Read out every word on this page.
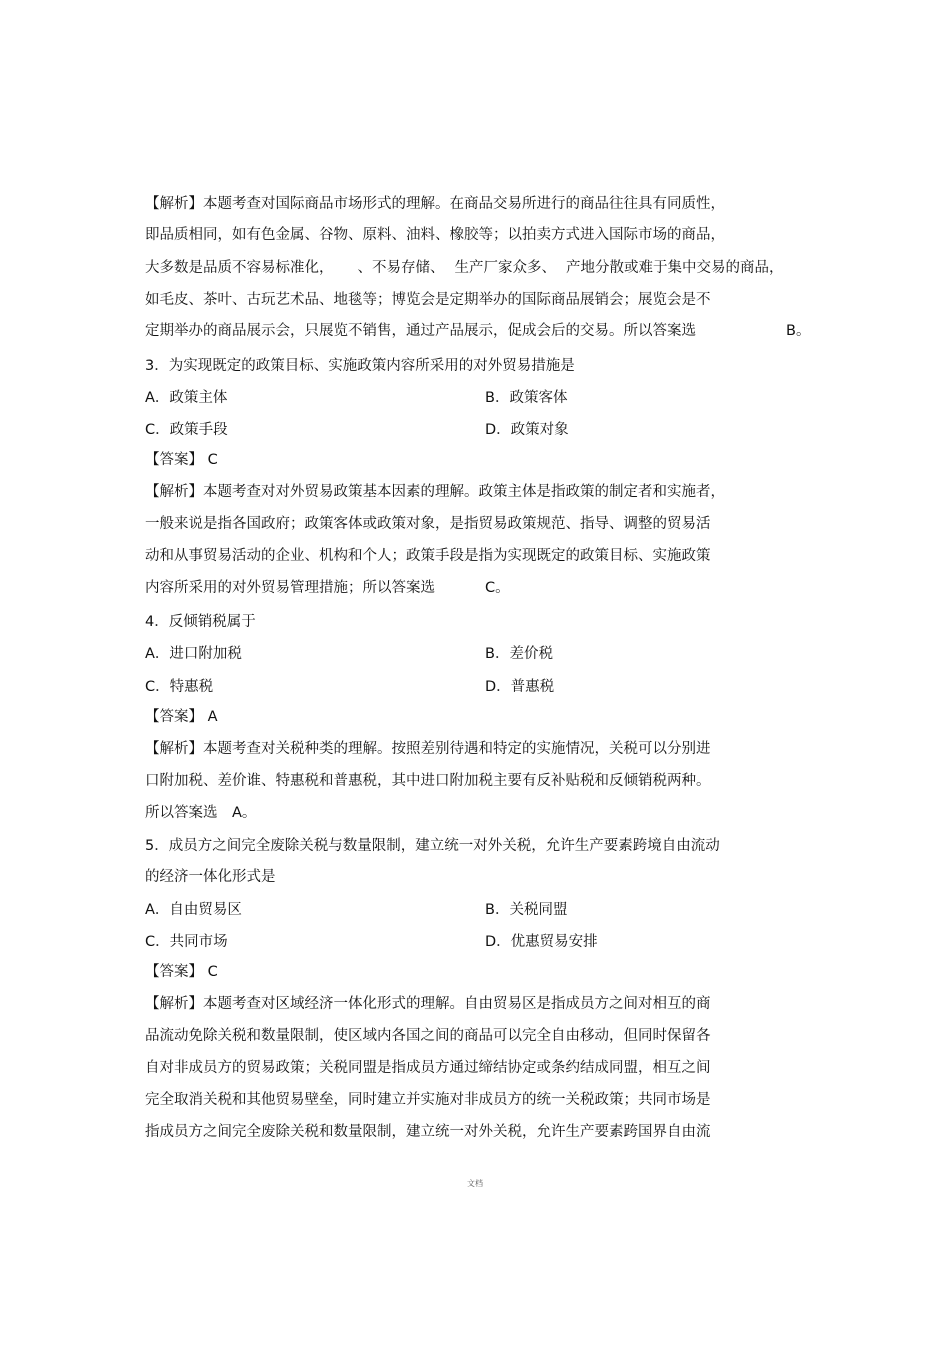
【解析】本题考查对国际商品市场形式的理解。在商品交易所进行的商品往往具有同质性，
即品质相同，如有色金属、谷物、原料、油料、橡胶等；以拍卖方式进入国际市场的商品，
大多数是品质不容易标准化， 、不易存储、 生产厂家众多、 产地分散或难于集中交易的商品，
如毛皮、茶叶、古玩艺术品、地毯等；博览会是定期举办的国际商品展销会；展览会是不
定期举办的商品展示会，只展览不销售，通过产品展示，促成会后的交易。所以答案选	B。
3．为实现既定的政策目标、实施政策内容所采用的对外贸易措施是
A．政策主体	B．政策客体
C．政策手段	D．政策对象
【答案】 C
【解析】本题考查对对外贸易政策基本因素的理解。政策主体是指政策的制定者和实施者，
一般来说是指各国政府；政策客体或政策对象，是指贸易政策规范、指导、调整的贸易活
动和从事贸易活动的企业、机构和个人；政策手段是指为实现既定的政策目标、实施政策
内容所采用的对外贸易管理措施；所以答案选	C。
4．反倾销税属于
A．进口附加税	B．差价税
C．特惠税	D．普惠税
【答案】 A
【解析】本题考查对关税种类的理解。按照差别待遇和特定的实施情况，关税可以分别进
口附加税、差价谁、特惠税和普惠税，其中进口附加税主要有反补贴税和反倾销税两种。
所以答案选　A。
5．成员方之间完全废除关税与数量限制，建立统一对外关税，允许生产要素跨境自由流动
的经济一体化形式是
A．自由贸易区	B．关税同盟
C．共同市场	D．优惠贸易安排
【答案】 C
【解析】本题考查对区域经济一体化形式的理解。自由贸易区是指成员方之间对相互的商
品流动免除关税和数量限制，使区域内各国之间的商品可以完全自由移动，但同时保留各
自对非成员方的贸易政策；关税同盟是指成员方通过缔结协定或条约结成同盟，相互之间
完全取消关税和其他贸易壁垒，同时建立并实施对非成员方的统一关税政策；共同市场是
指成员方之间完全废除关税和数量限制，建立统一对外关税，允许生产要素跨国界自由流
文档
